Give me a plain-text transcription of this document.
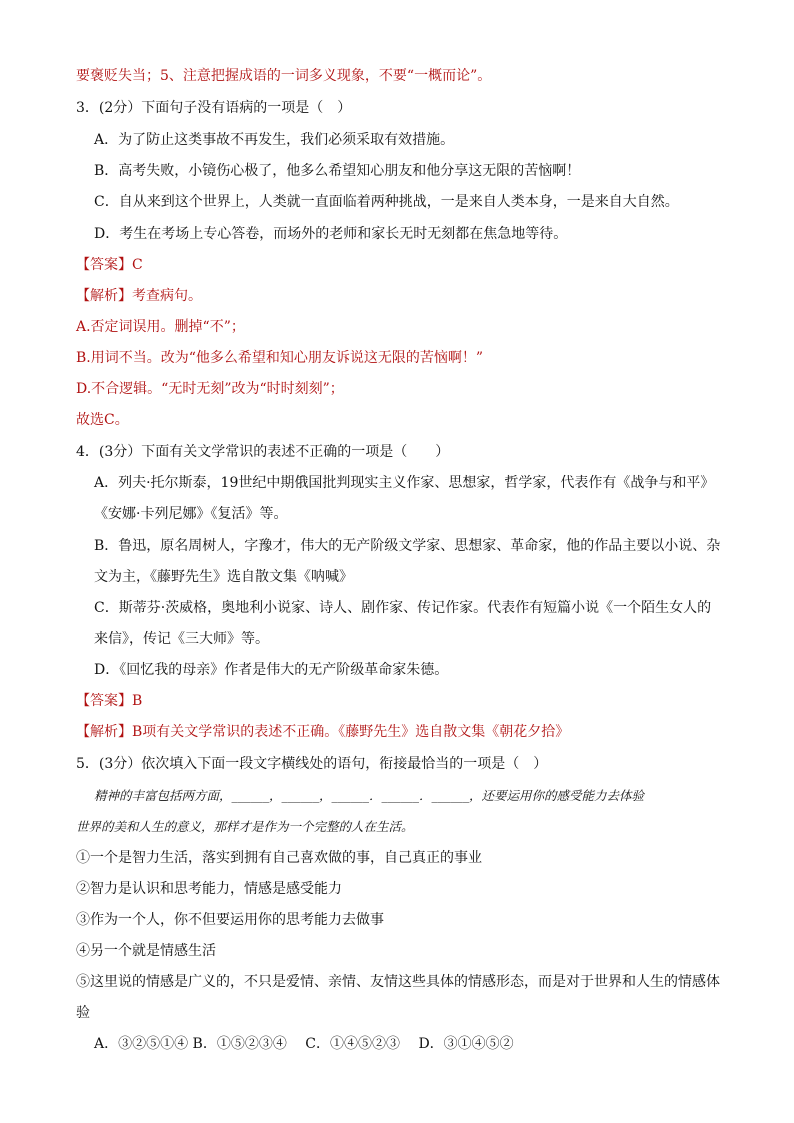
要褒贬失当；5、注意把握成语的一词多义现象，不要“一概而论”。
3．(2分）下面句子没有语病的一项是（　）
A．为了防止这类事故不再发生，我们必须采取有效措施。
B．高考失败，小镜伤心极了，他多么希望知心朋友和他分享这无限的苦恼啊！
C．自从来到这个世界上，人类就一直面临着两种挑战，一是来自人类本身，一是来自大自然。
D．考生在考场上专心答卷，而场外的老师和家长无时无刻都在焦急地等待。
【答案】C
【解析】考查病句。
A.否定词误用。删掉“不”；
B.用词不当。改为“他多么希望和知心朋友诉说这无限的苦恼啊！”
D.不合逻辑。“无时无刻”改为“时时刻刻”；
故选C。
4．(3分）下面有关文学常识的表述不正确的一项是（　　）
A．列夫·托尔斯泰，19世纪中期俄国批判现实主义作家、思想家，哲学家，代表作有《战争与和平》
《安娜·卡列尼娜》《复活》等。
B．鲁迅，原名周树人，字豫才，伟大的无产阶级文学家、思想家、革命家，他的作品主要以小说、杂
文为主，《藤野先生》选自散文集《呐喊》
C．斯蒂芬·茨威格，奥地利小说家、诗人、剧作家、传记作家。代表作有短篇小说《一个陌生女人的
来信》，传记《三大师》等。
D．《回忆我的母亲》作者是伟大的无产阶级革命家朱德。
【答案】B
【解析】B项有关文学常识的表述不正确。《藤野先生》选自散文集《朝花夕拾》
5．(3分）依次填入下面一段文字横线处的语句，衔接最恰当的一项是（　）
精神的丰富包括两方面，______，______，______．______．______，还要运用你的感受能力去体验
世界的美和人生的意义，那样才是作为一个完整的人在生活。
①一个是智力生活，落实到拥有自己喜欢做的事，自己真正的事业
②智力是认识和思考能力，情感是感受能力
③作为一个人，你不但要运用你的思考能力去做事
④另一个就是情感生活
⑤这里说的情感是广义的，不只是爱情、亲情、友情这些具体的情感形态，而是对于世界和人生的情感体
验
A．③②⑤①④ B．①⑤②③④　 C．①④⑤②③　 D．③①④⑤②
